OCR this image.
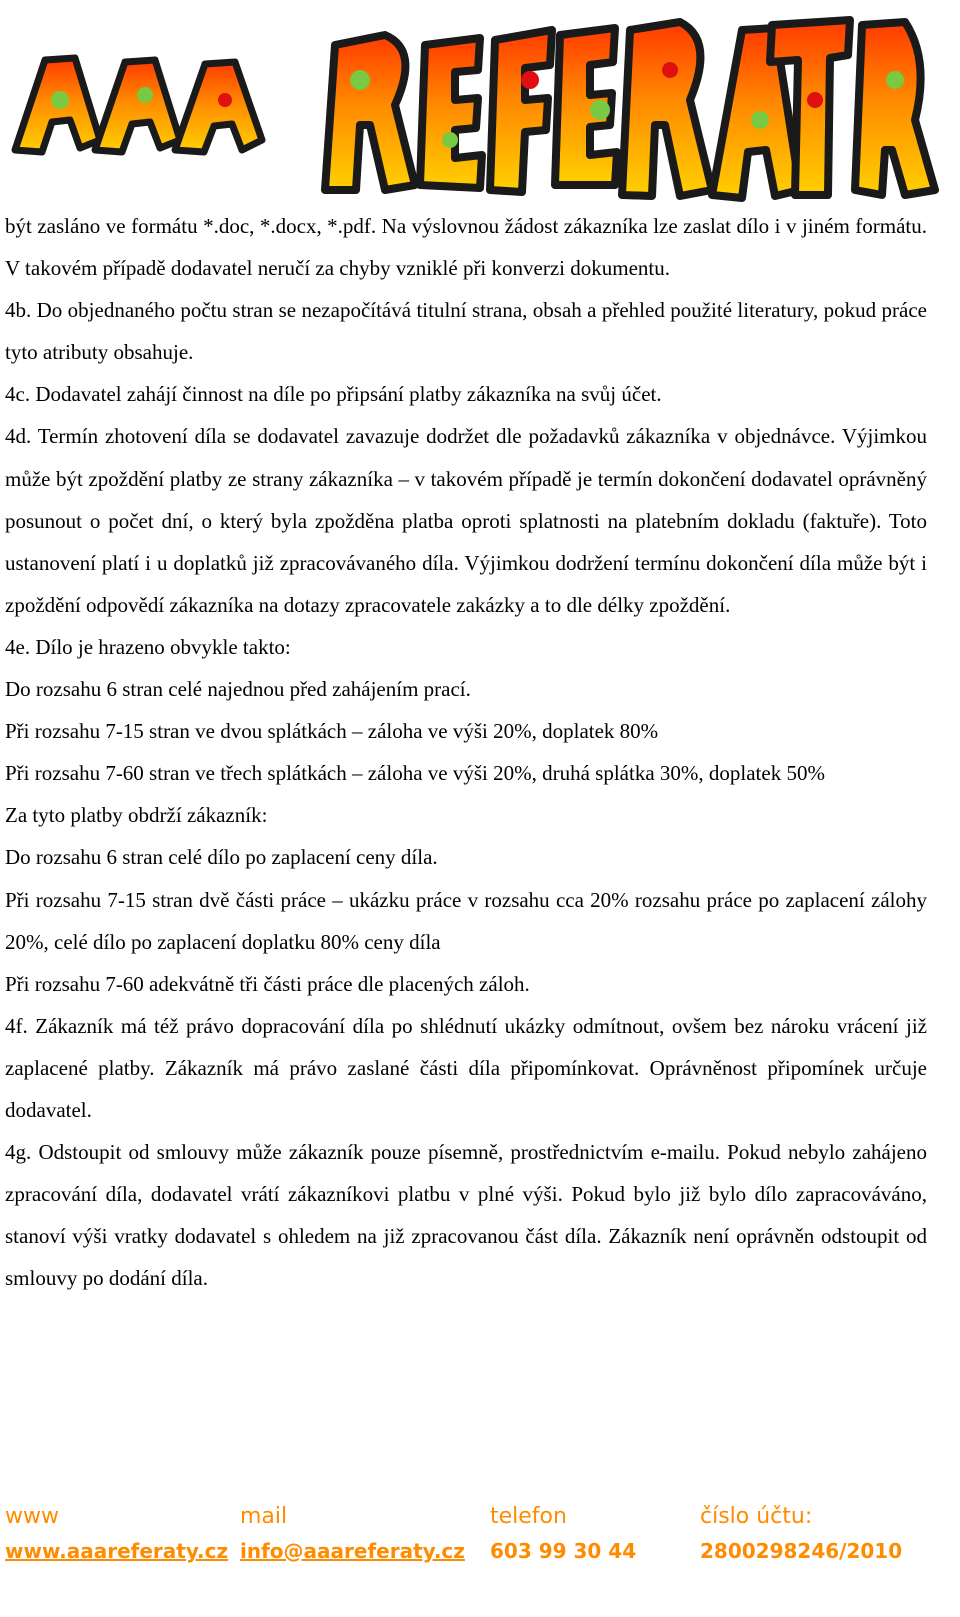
být zasláno ve formátu *.doc, *.docx, *.pdf. Na výslovnou žádost zákazníka lze zaslat dílo i v jiném formátu. V takovém případě dodavatel neručí za chyby vzniklé při konverzi dokumentu.

4b. Do objednaného počtu stran se nezapočítává titulní strana, obsah a přehled použité literatury, pokud práce tyto atributy obsahuje.

4c. Dodavatel zahájí činnost na díle po připsání platby zákazníka na svůj účet.

4d. Termín zhotovení díla se dodavatel zavazuje dodržet dle požadavků zákazníka v objednávce. Výjimkou může být zpoždění platby ze strany zákazníka – v takovém případě je termín dokončení dodavatel oprávněný posunout o počet dní, o který byla zpožděna platba oproti splatnosti na platebním dokladu (faktuře). Toto ustanovení platí i u doplatků již zpracovávaného díla. Výjimkou dodržení termínu dokončení díla může být i zpoždění odpovědí zákazníka na dotazy zpracovatele zakázky a to dle délky zpoždění.

4e. Dílo je hrazeno obvykle takto:

Do rozsahu 6 stran celé najednou před zahájením prací.

Při rozsahu 7-15 stran ve dvou splátkách – záloha ve výši 20%, doplatek 80%

Při rozsahu 7-60 stran ve třech splátkách – záloha ve výši 20%, druhá splátka 30%, doplatek 50%

Za tyto platby obdrží zákazník:

Do rozsahu 6 stran celé dílo po zaplacení ceny díla.

Při rozsahu 7-15 stran dvě části práce – ukázku práce v rozsahu cca 20% rozsahu práce po zaplacení zálohy 20%, celé dílo po zaplacení doplatku 80% ceny díla

Při rozsahu 7-60 adekvátně tři části práce dle placených záloh.

4f. Zákazník má též právo dopracování díla po shlédnutí ukázky odmítnout, ovšem bez nároku vrácení již zaplacené platby. Zákazník má právo zaslané části díla připomínkovat. Oprávněnost připomínek určuje dodavatel.

4g. Odstoupit od smlouvy může zákazník pouze písemně, prostřednictvím e-mailu. Pokud nebylo zahájeno zpracování díla, dodavatel vrátí zákazníkovi platbu v plné výši. Pokud bylo již bylo dílo zapracováváno, stanoví výši vratky dodavatel s ohledem na již zpracovanou část díla. Zákazník není oprávněn odstoupit od smlouvy po dodání díla.

www
www.aaareferaty.cz
mail
info@aaareferaty.cz
telefon
603 99 30 44
číslo účtu:
2800298246/2010
